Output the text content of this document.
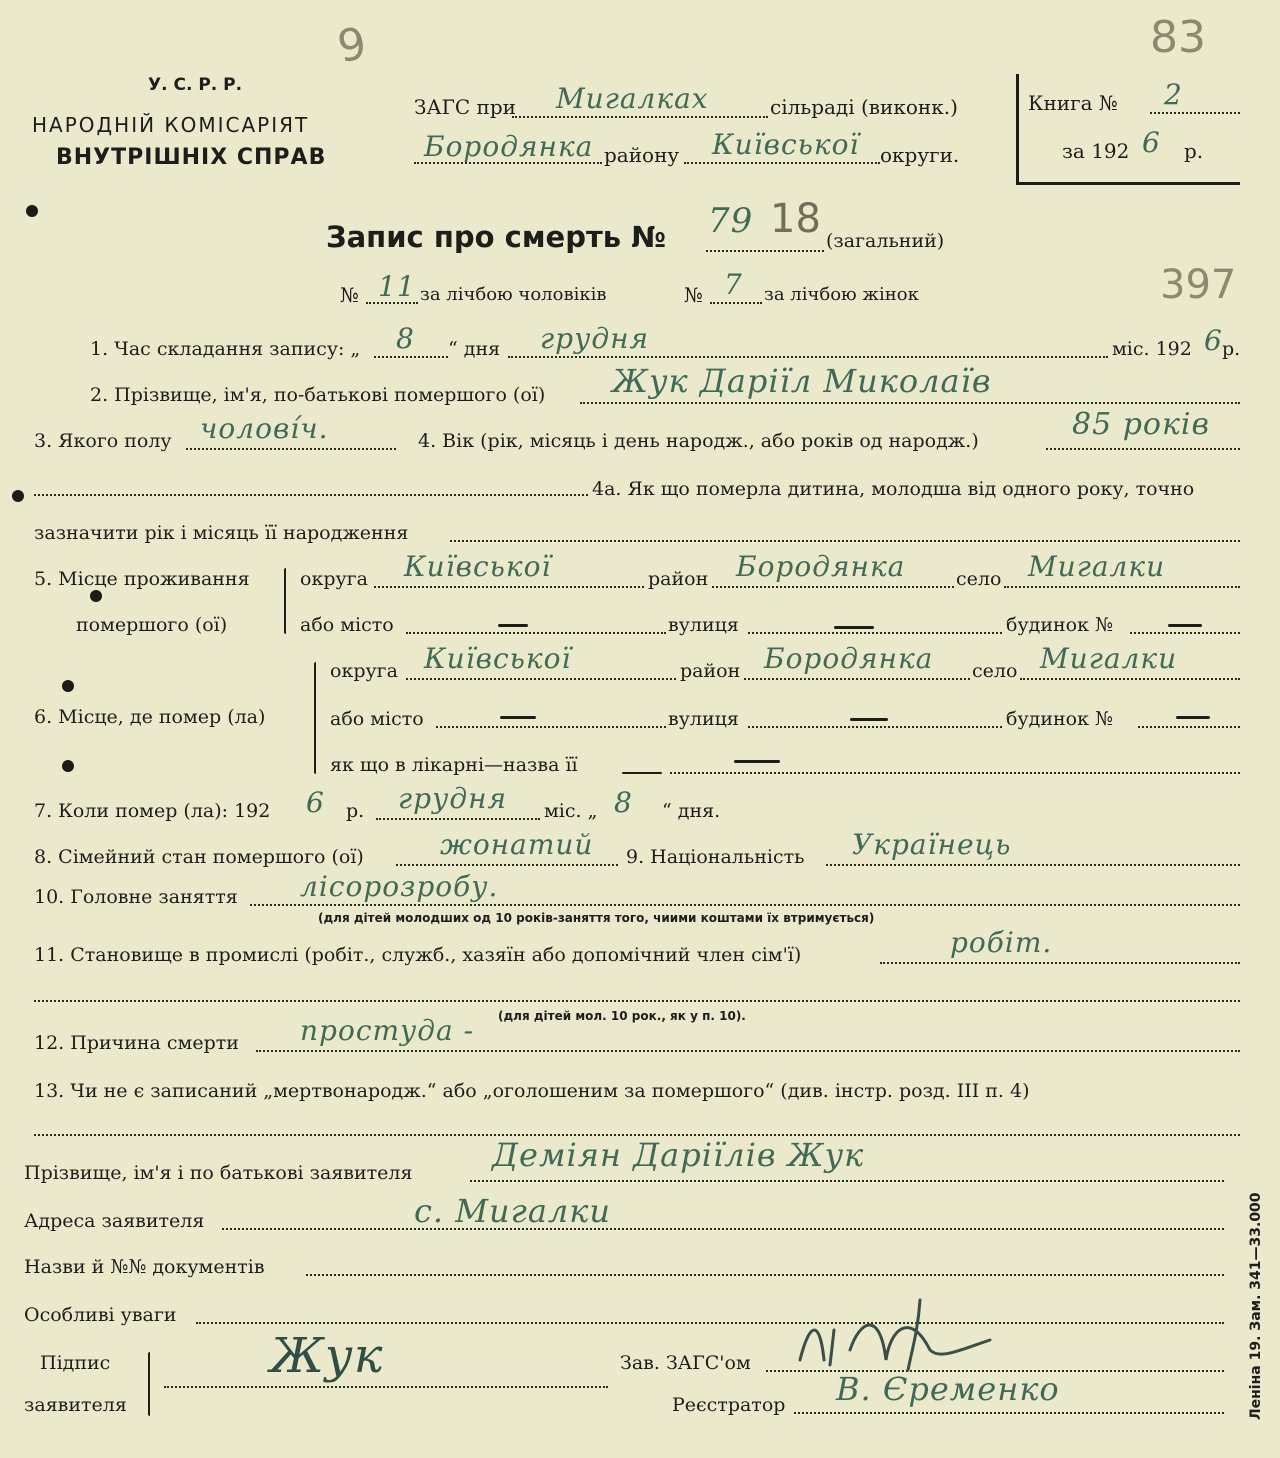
9	83
У. С. Р. Р.
НАРОДНІЙ КОМІСАРІЯТ
ВНУТРІШНІХ СПРАВ
ЗАГС при Мигалках	сільраді (виконк.)
Бородянка району Київської округи.
Книга № 2
за 192 6 р.
Запис про смерть № 79 18 (загальний)
№ 11 за лічбою чоловіків	№ 7 за лічбою жінок	397
1. Час складання запису: „ 8 “ дня грудня	міс. 192 6 р.
2. Прізвище, ім'я, по-батькові помершого (ої) Жук Даріїл Миколаїв
3. Якого полу чолові́ч.	4. Вік (рік, місяць і день народж., або років од народж.)	85 років
4а. Як що померла дитина, молодша від одного року, точно
зазначити рік і місяць її народження
5. Місце проживання
помершого (ої)
округа Київської	район Бородянка	село Мигалки
або місто	вулиця	будинок №
6. Місце, де помер (ла)
округа Київської	район Бородянка село Мигалки
або місто	вулиця	будинок №
як що в лікарні—назва її
7. Коли помер (ла): 192 6 р. грудня міс. „ 8 “ дня.
8. Сімейний стан помершого (ої)	жонатий 9. Національність Українець
10. Головне заняття лісорозробу.
(для дітей молодших од 10 років-заняття того, чиими коштами їх втримується)
11. Становище в промислі (робіт., служб., хазяїн або допомічний член сім'ї)	робіт.
(для дітей мол. 10 рок., як у п. 10).
12. Причина смерти простуда -
13. Чи не є записаний „мертвонародж.“ або „оголошеним за помершого“ (див. інстр. розд. III п. 4)
Прізвище, ім'я і по батькові заявителя Деміян Даріїлів Жук
Адреса заявителя	с. Мигалки
Назви й №№ документів
Особливі уваги
Підпис
заявителя
Жук	Зав. ЗАГС'ом
Реєстратор В. Єременко	Леніна 19. Зам. 341—33.000
